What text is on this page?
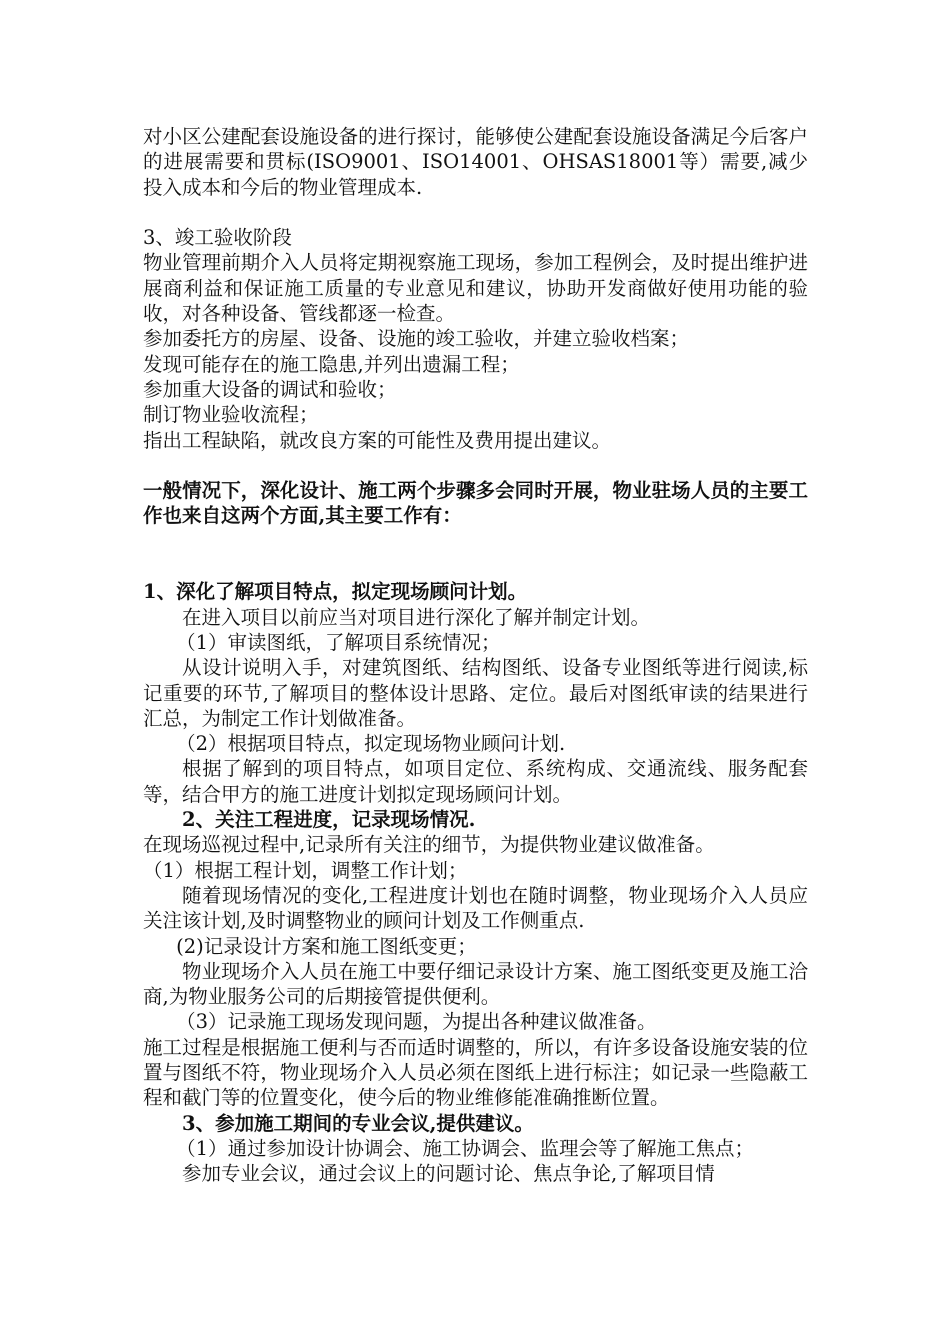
对小区公建配套设施设备的进行探讨，能够使公建配套设施设备满足今后客户的进展需要和贯标(ISO9001、ISO14001、OHSAS18001等）需要,减少投入成本和今后的物业管理成本.

3、竣工验收阶段

物业管理前期介入人员将定期视察施工现场，参加工程例会，及时提出维护进展商利益和保证施工质量的专业意见和建议，协助开发商做好使用功能的验收，对各种设备、管线都逐一检查。

参加委托方的房屋、设备、设施的竣工验收，并建立验收档案；

发现可能存在的施工隐患,并列出遗漏工程；

参加重大设备的调试和验收；

制订物业验收流程；

指出工程缺陷，就改良方案的可能性及费用提出建议。

一般情况下，深化设计、施工两个步骤多会同时开展，物业驻场人员的主要工作也来自这两个方面,其主要工作有：

1、深化了解项目特点，拟定现场顾问计划。

在进入项目以前应当对项目进行深化了解并制定计划。

（1）审读图纸，了解项目系统情况；

从设计说明入手，对建筑图纸、结构图纸、设备专业图纸等进行阅读,标记重要的环节,了解项目的整体设计思路、定位。最后对图纸审读的结果进行汇总，为制定工作计划做准备。

（2）根据项目特点，拟定现场物业顾问计划.

根据了解到的项目特点，如项目定位、系统构成、交通流线、服务配套等，结合甲方的施工进度计划拟定现场顾问计划。

2、关注工程进度，记录现场情况.

在现场巡视过程中,记录所有关注的细节，为提供物业建议做准备。

（1）根据工程计划，调整工作计划；

随着现场情况的变化,工程进度计划也在随时调整，物业现场介入人员应关注该计划,及时调整物业的顾问计划及工作侧重点.

(2)记录设计方案和施工图纸变更；

物业现场介入人员在施工中要仔细记录设计方案、施工图纸变更及施工洽商,为物业服务公司的后期接管提供便利。

（3）记录施工现场发现问题，为提出各种建议做准备。

施工过程是根据施工便利与否而适时调整的，所以，有许多设备设施安装的位置与图纸不符，物业现场介入人员必须在图纸上进行标注；如记录一些隐蔽工程和截门等的位置变化，使今后的物业维修能准确推断位置。

3、参加施工期间的专业会议,提供建议。

（1）通过参加设计协调会、施工协调会、监理会等了解施工焦点；

参加专业会议，通过会议上的问题讨论、焦点争论,了解项目情
